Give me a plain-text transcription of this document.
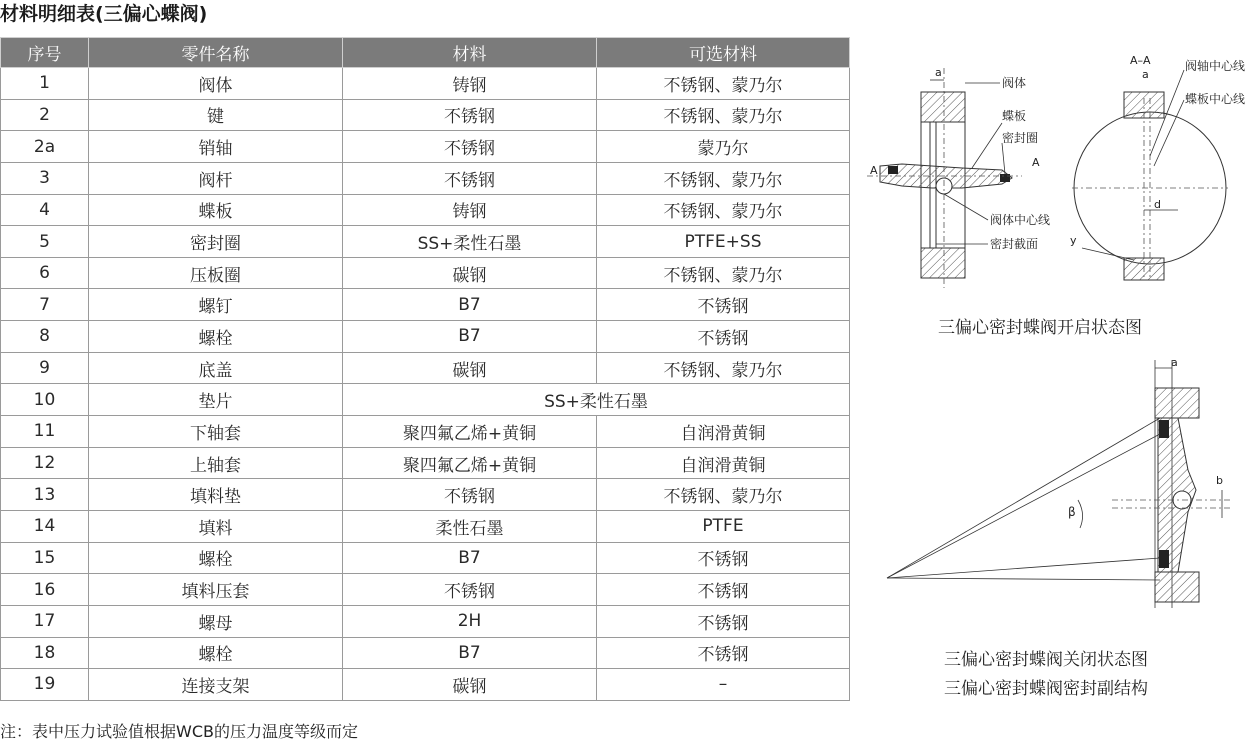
材料明细表(三偏心蝶阀)
序号	零件名称	材料	可选材料
1	阀体	铸钢	不锈钢、蒙乃尔
2	键	不锈钢	不锈钢、蒙乃尔
2a	销轴	不锈钢	蒙乃尔
3	阀杆	不锈钢	不锈钢、蒙乃尔
4	蝶板	铸钢	不锈钢、蒙乃尔
5	密封圈	SS+柔性石墨	PTFE+SS
6	压板圈	碳钢	不锈钢、蒙乃尔
7	螺钉	B7	不锈钢
8	螺栓	B7	不锈钢
9	底盖	碳钢	不锈钢、蒙乃尔
10	垫片	SS+柔性石墨	
11	下轴套	聚四氟乙烯+黄铜	自润滑黄铜
12	上轴套	聚四氟乙烯+黄铜	自润滑黄铜
13	填料垫	不锈钢	不锈钢、蒙乃尔
14	填料	柔性石墨	PTFE
15	螺栓	B7	不锈钢
16	填料压套	不锈钢	不锈钢
17	螺母	2H	不锈钢
18	螺栓	B7	不锈钢
19	连接支架	碳钢	–
注：表中压力试验值根据WCB的压力温度等级而定
a
阀体
蝶板
密封圈
A
A
阀体中心线
密封截面
A–A
a
阀轴中心线
蝶板中心线
d
y
三偏心密封蝶阀开启状态图
a
β
b
三偏心密封蝶阀关闭状态图
三偏心密封蝶阀密封副结构
